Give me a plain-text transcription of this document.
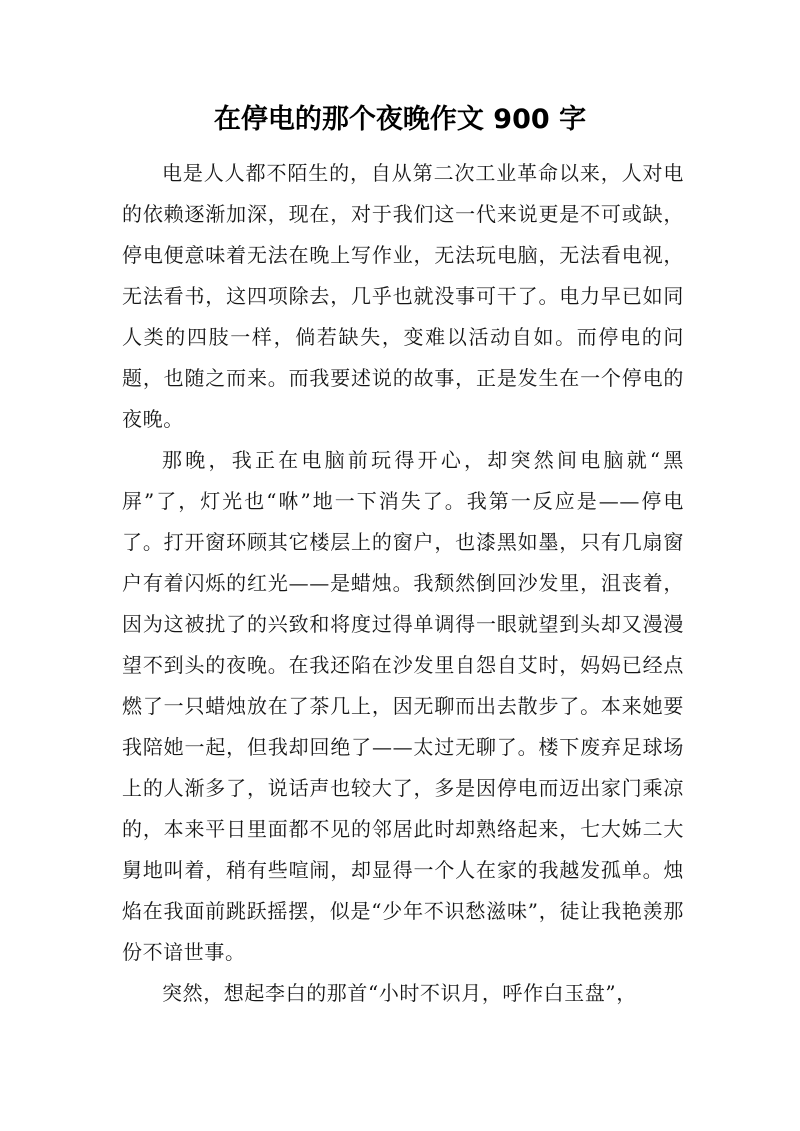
在停电的那个夜晚作文 900 字

电是人人都不陌生的，自从第二次工业革命以来，人对电的依赖逐渐加深，现在，对于我们这一代来说更是不可或缺，停电便意味着无法在晚上写作业，无法玩电脑，无法看电视，无法看书，这四项除去，几乎也就没事可干了。电力早已如同人类的四肢一样，倘若缺失，变难以活动自如。而停电的问题，也随之而来。而我要述说的故事，正是发生在一个停电的夜晚。

那晚，我正在电脑前玩得开心，却突然间电脑就“黑屏”了，灯光也“咻”地一下消失了。我第一反应是——停电了。打开窗环顾其它楼层上的窗户，也漆黑如墨，只有几扇窗户有着闪烁的红光——是蜡烛。我颓然倒回沙发里，沮丧着，因为这被扰了的兴致和将度过得单调得一眼就望到头却又漫漫望不到头的夜晚。在我还陷在沙发里自怨自艾时，妈妈已经点燃了一只蜡烛放在了茶几上，因无聊而出去散步了。本来她要我陪她一起，但我却回绝了——太过无聊了。楼下废弃足球场上的人渐多了，说话声也较大了，多是因停电而迈出家门乘凉的，本来平日里面都不见的邻居此时却熟络起来，七大姊二大舅地叫着，稍有些喧闹，却显得一个人在家的我越发孤单。烛焰在我面前跳跃摇摆，似是“少年不识愁滋味”，徒让我艳羡那份不谙世事。

突然，想起李白的那首“小时不识月，呼作白玉盘”，
